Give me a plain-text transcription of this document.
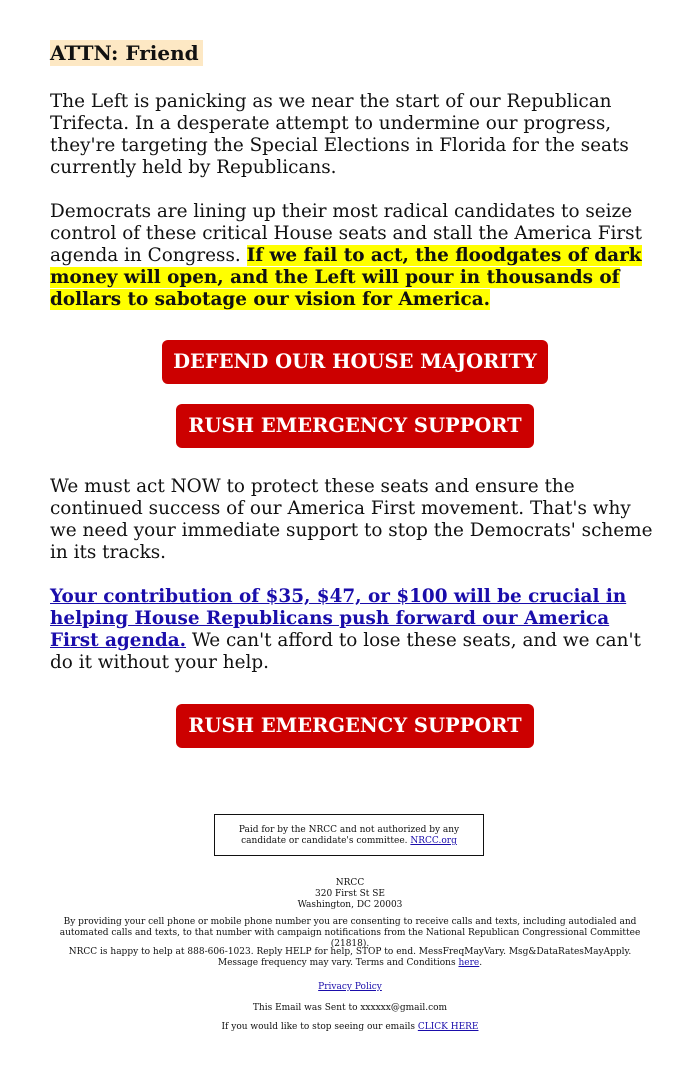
ATTN: Friend

The Left is panicking as we near the start of our Republican Trifecta. In a desperate attempt to undermine our progress, they're targeting the Special Elections in Florida for the seats currently held by Republicans.

Democrats are lining up their most radical candidates to seize control of these critical House seats and stall the America First agenda in Congress. If we fail to act, the floodgates of dark money will open, and the Left will pour in thousands of dollars to sabotage our vision for America.

DEFEND OUR HOUSE MAJORITY
RUSH EMERGENCY SUPPORT

We must act NOW to protect these seats and ensure the continued success of our America First movement. That's why we need your immediate support to stop the Democrats' scheme in its tracks.

Your contribution of $35, $47, or $100 will be crucial in helping House Republicans push forward our America First agenda. We can't afford to lose these seats, and we can't do it without your help.

RUSH EMERGENCY SUPPORT
Paid for by the NRCC and not authorized by any candidate or candidate's committee. NRCC.org
NRCC
320 First St SE
Washington, DC 20003
By providing your cell phone or mobile phone number you are consenting to receive calls and texts, including autodialed and automated calls and texts, to that number with campaign notifications from the National Republican Congressional Committee (21818).
NRCC is happy to help at 888-606-1023. Reply HELP for help, STOP to end. MessFreqMayVary. Msg&DataRatesMayApply. Message frequency may vary. Terms and Conditions here.
Privacy Policy
This Email was Sent to xxxxxx@gmail.com
If you would like to stop seeing our emails CLICK HERE
